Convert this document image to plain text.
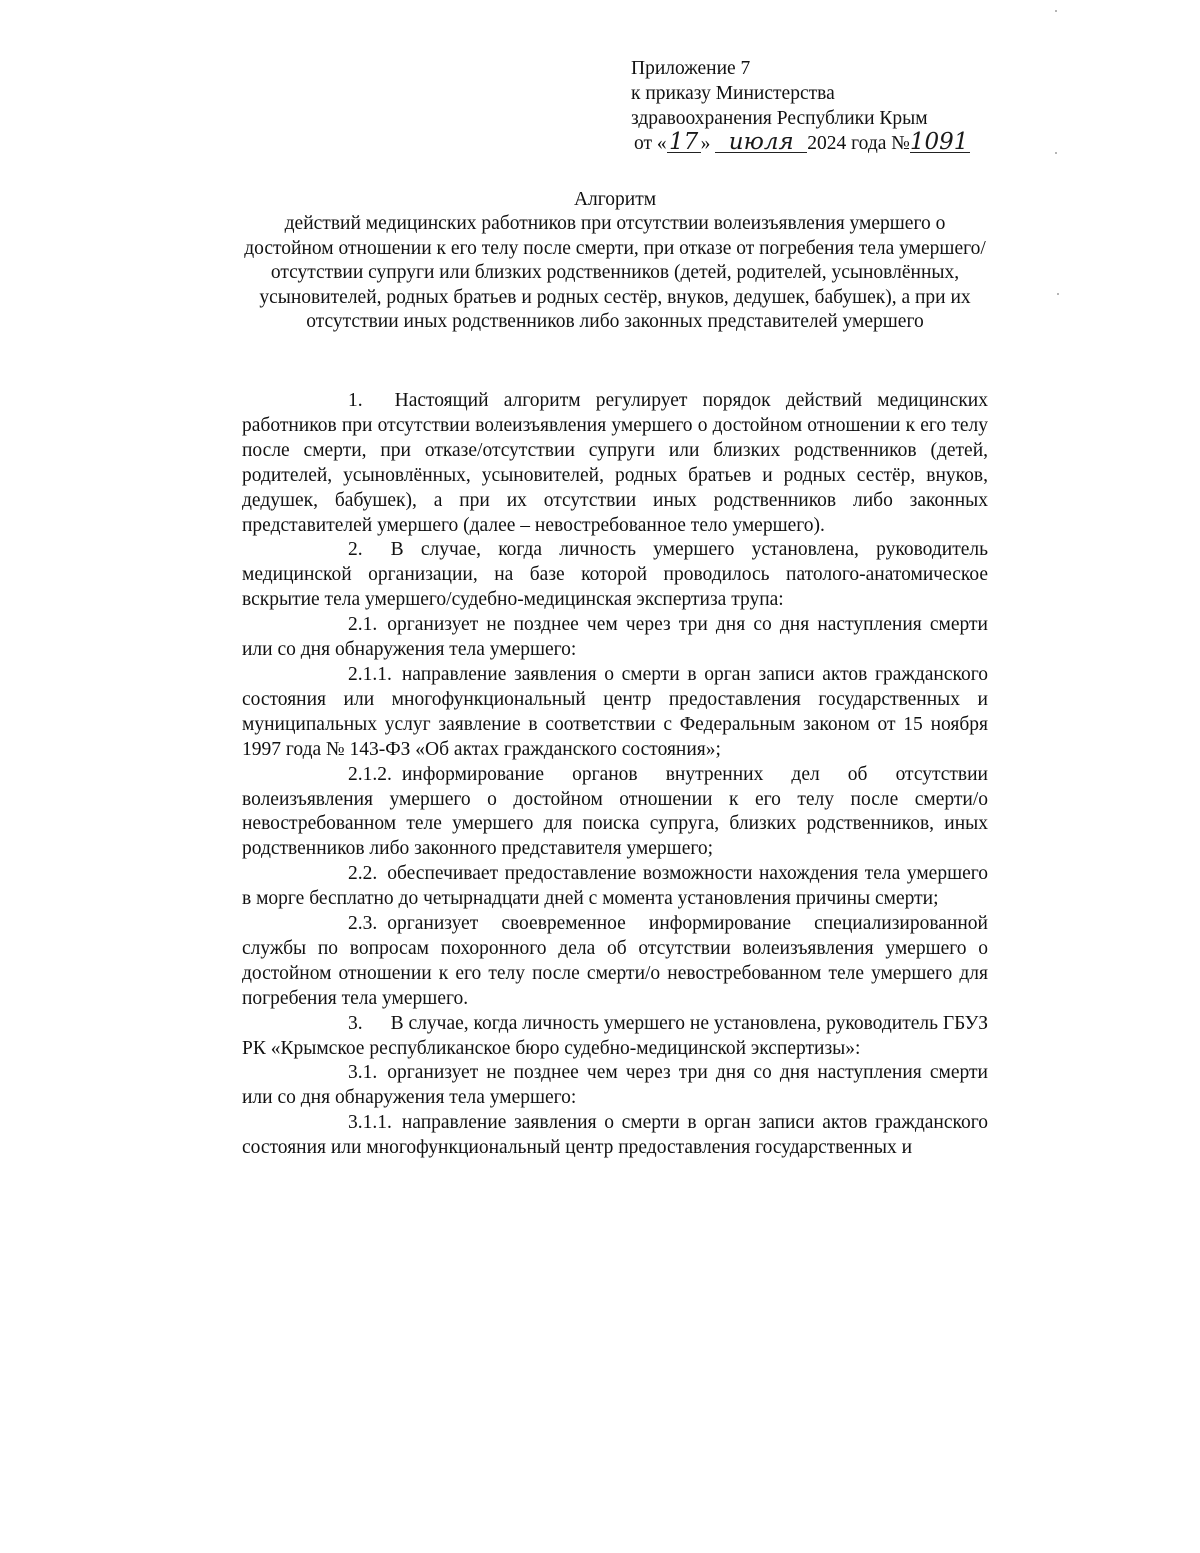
Приложение 7
к приказу Министерства
здравоохранения Республики Крым
от « 17 » июля 2024 года №1091
Алгоритм
действий медицинских работников при отсутствии волеизъявления умершего о достойном отношении к его телу после смерти, при отказе от погребения тела умершего/отсутствии супруги или близких родственников (детей, родителей, усыновлённых, усыновителей, родных братьев и родных сестёр, внуков, дедушек, бабушек), а при их отсутствии иных родственников либо законных представителей умершего

1. Настоящий алгоритм регулирует порядок действий медицинских работников при отсутствии волеизъявления умершего о достойном отношении к его телу после смерти, при отказе/отсутствии супруги или близких родственников (детей, родителей, усыновлённых, усыновителей, родных братьев и родных сестёр, внуков, дедушек, бабушек), а при их отсутствии иных родственников либо законных представителей умершего (далее – невостребованное тело умершего).

2. В случае, когда личность умершего установлена, руководитель медицинской организации, на базе которой проводилось патолого-анатомическое вскрытие тела умершего/судебно-медицинская экспертиза трупа:

2.1. организует не позднее чем через три дня со дня наступления смерти или со дня обнаружения тела умершего:

2.1.1. направление заявления о смерти в орган записи актов гражданского состояния или многофункциональный центр предоставления государственных и муниципальных услуг заявление в соответствии с Федеральным законом от 15 ноября 1997 года № 143-ФЗ «Об актах гражданского состояния»;

2.1.2. информирование органов внутренних дел об отсутствии волеизъявления умершего о достойном отношении к его телу после смерти/о невостребованном теле умершего для поиска супруга, близких родственников, иных родственников либо законного представителя умершего;

2.2. обеспечивает предоставление возможности нахождения тела умершего в морге бесплатно до четырнадцати дней с момента установления причины смерти;

2.3. организует своевременное информирование специализированной службы по вопросам похоронного дела об отсутствии волеизъявления умершего о достойном отношении к его телу после смерти/о невостребованном теле умершего для погребения тела умершего.

3. В случае, когда личность умершего не установлена, руководитель ГБУЗ РК «Крымское республиканское бюро судебно-медицинской экспертизы»:

3.1. организует не позднее чем через три дня со дня наступления смерти или со дня обнаружения тела умершего:

3.1.1. направление заявления о смерти в орган записи актов гражданского состояния или многофункциональный центр предоставления государственных и
